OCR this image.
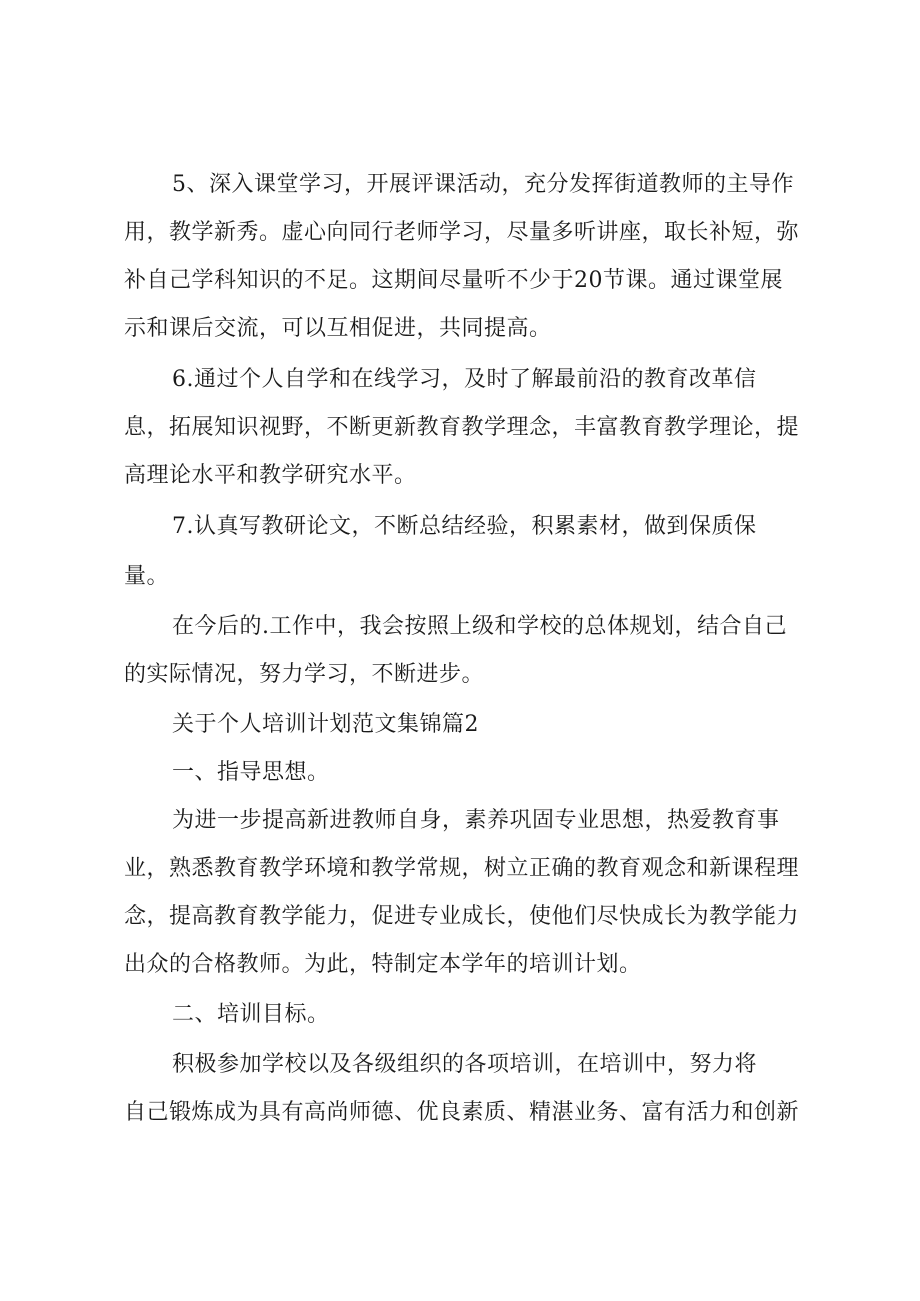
5、深入课堂学习，开展评课活动，充分发挥街道教师的主导作
用，教学新秀。虚心向同行老师学习，尽量多听讲座，取长补短，弥
补自己学科知识的不足。这期间尽量听不少于20节课。通过课堂展
示和课后交流，可以互相促进，共同提高。
6.通过个人自学和在线学习，及时了解最前沿的教育改革信
息，拓展知识视野，不断更新教育教学理念，丰富教育教学理论，提
高理论水平和教学研究水平。
7.认真写教研论文，不断总结经验，积累素材，做到保质保
量。
在今后的.工作中，我会按照上级和学校的总体规划，结合自己
的实际情况，努力学习，不断进步。
关于个人培训计划范文集锦篇2
一、指导思想。
为进一步提高新进教师自身，素养巩固专业思想，热爱教育事
业，熟悉教育教学环境和教学常规，树立正确的教育观念和新课程理
念，提高教育教学能力，促进专业成长，使他们尽快成长为教学能力
出众的合格教师。为此，特制定本学年的培训计划。
二、培训目标。
积极参加学校以及各级组织的各项培训，在培训中，努力将
自己锻炼成为具有高尚师德、优良素质、精湛业务、富有活力和创新
